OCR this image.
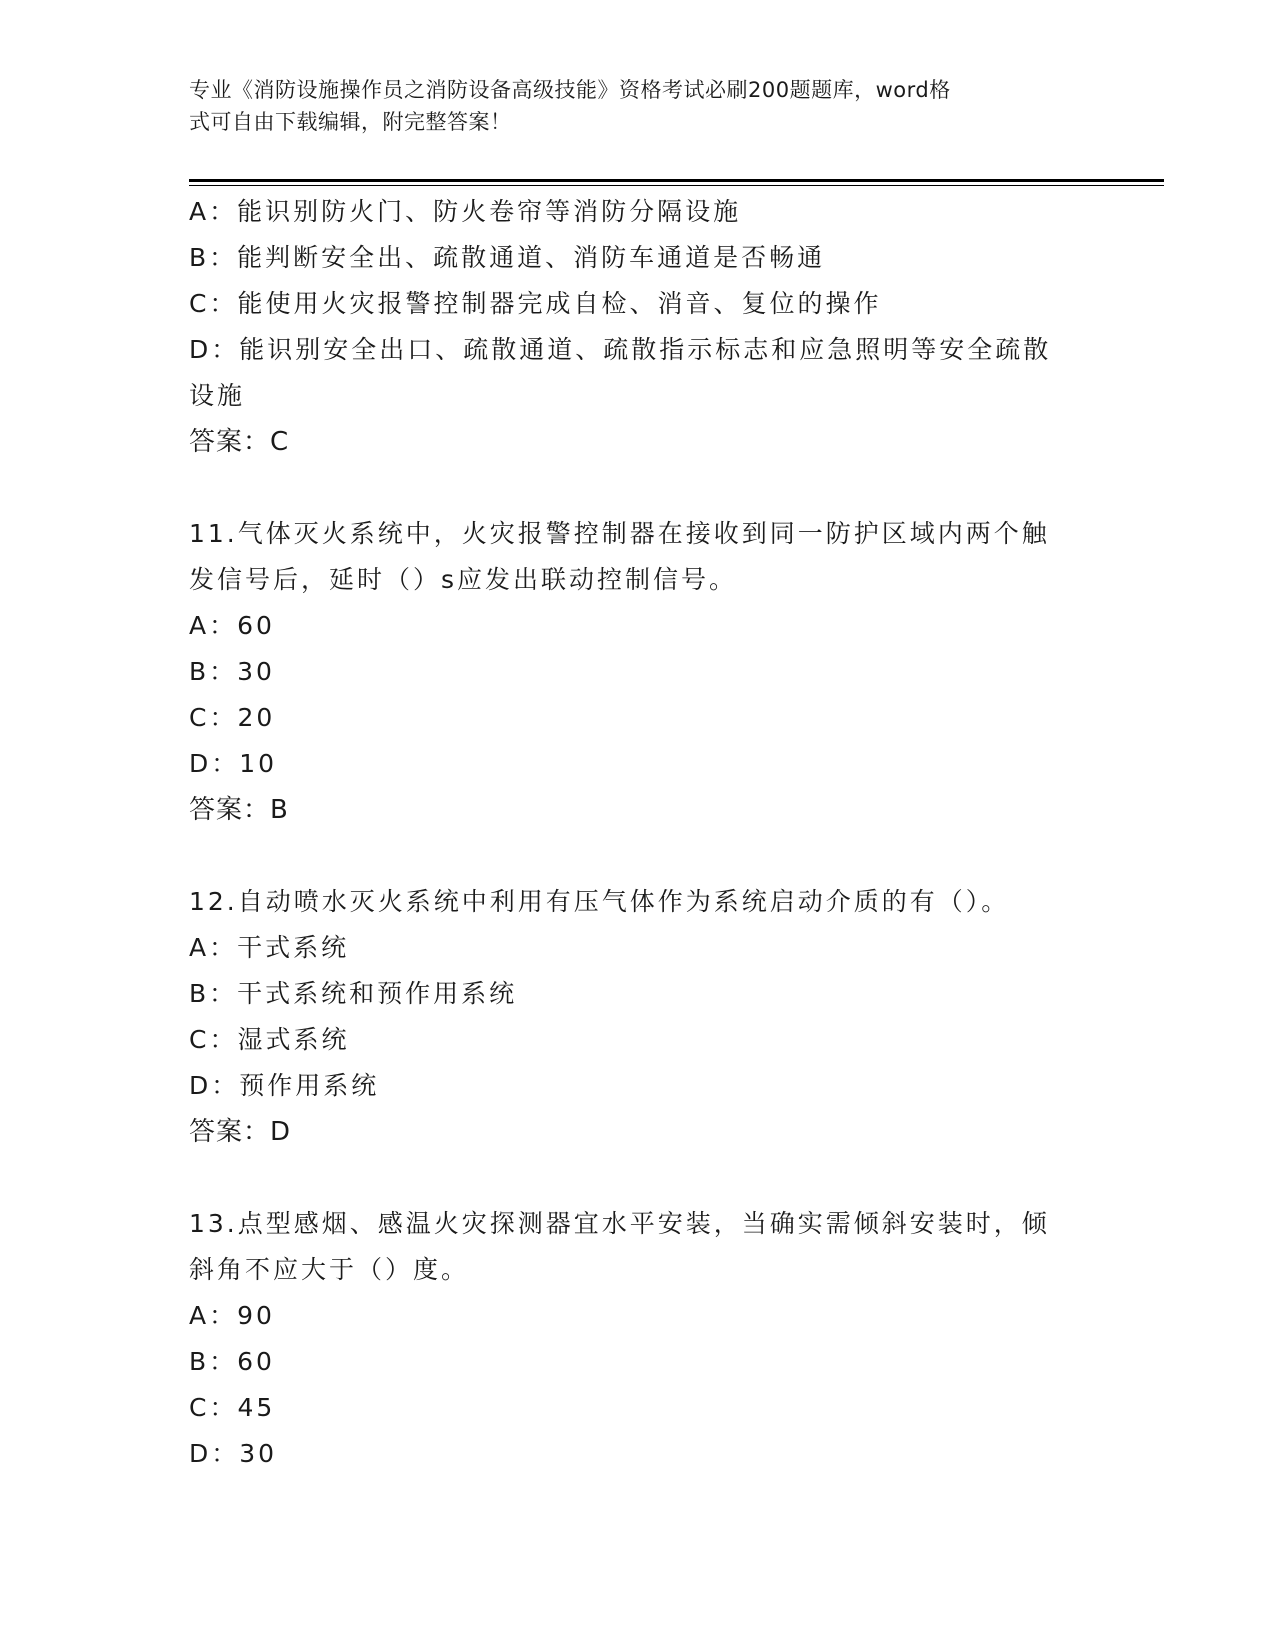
专业《消防设施操作员之消防设备高级技能》资格考试必刷200题题库，word格
式可自由下载编辑，附完整答案！
A：能识别防火门、防火卷帘等消防分隔设施
B：能判断安全出、疏散通道、消防车通道是否畅通
C：能使用火灾报警控制器完成自检、消音、复位的操作
D：能识别安全出口、疏散通道、疏散指示标志和应急照明等安全疏散
设施
答案：C
11.气体灭火系统中，火灾报警控制器在接收到同一防护区域内两个触
发信号后，延时（）s应发出联动控制信号。
A：60
B：30
C：20
D：10
答案：B
12.自动喷水灭火系统中利用有压气体作为系统启动介质的有（）。
A：干式系统
B：干式系统和预作用系统
C：湿式系统
D：预作用系统
答案：D
13.点型感烟、感温火灾探测器宜水平安装，当确实需倾斜安装时，倾
斜角不应大于（）度。
A：90
B：60
C：45
D：30
